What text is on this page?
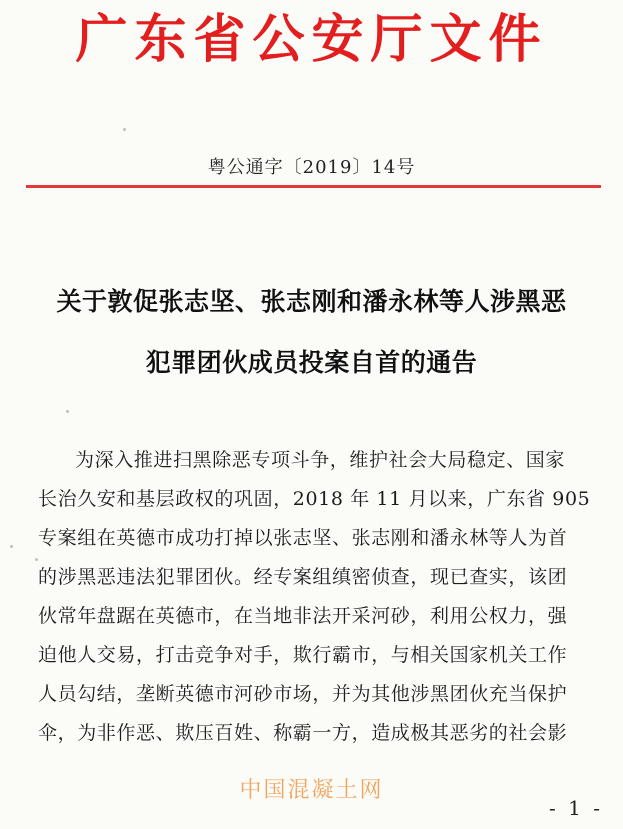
广东省公安厅文件
粤公通字〔2019〕14号
关于敦促张志坚、张志刚和潘永林等人涉黑恶
犯罪团伙成员投案自首的通告
为深入推进扫黑除恶专项斗争，维护社会大局稳定、国家
长治久安和基层政权的巩固，2018 年 11 月以来，广东省 905
专案组在英德市成功打掉以张志坚、张志刚和潘永林等人为首
的涉黑恶违法犯罪团伙。经专案组缜密侦查，现已查实，该团
伙常年盘踞在英德市，在当地非法开采河砂，利用公权力，强
迫他人交易，打击竞争对手，欺行霸市，与相关国家机关工作
人员勾结，垄断英德市河砂市场，并为其他涉黑团伙充当保护
伞，为非作恶、欺压百姓、称霸一方，造成极其恶劣的社会影
中国混凝土网
- 1 -
